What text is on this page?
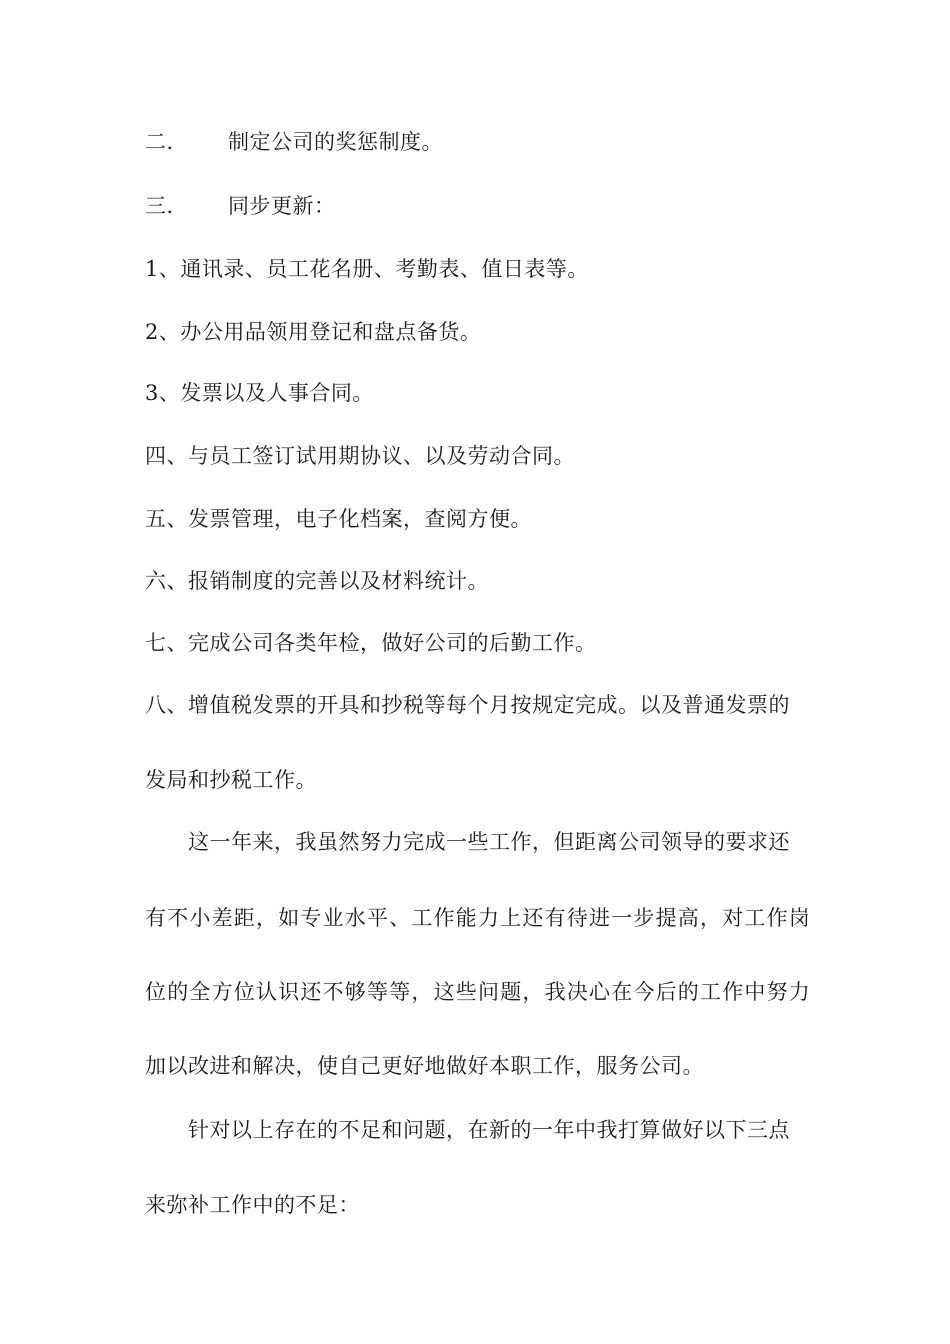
二． 制定公司的奖惩制度。
三． 同步更新：
1、通讯录、员工花名册、考勤表、值日表等。
2、办公用品领用登记和盘点备货。
3、发票以及人事合同。
四、与员工签订试用期协议、以及劳动合同。
五、发票管理，电子化档案，查阅方便。
六、报销制度的完善以及材料统计。
七、完成公司各类年检，做好公司的后勤工作。
八、增值税发票的开具和抄税等每个月按规定完成。以及普通发票的
发局和抄税工作。
这一年来，我虽然努力完成一些工作，但距离公司领导的要求还
有不小差距，如专业水平、工作能力上还有待进一步提高，对工作岗
位的全方位认识还不够等等，这些问题，我决心在今后的工作中努力
加以改进和解决，使自己更好地做好本职工作，服务公司。
针对以上存在的不足和问题，在新的一年中我打算做好以下三点
来弥补工作中的不足：
